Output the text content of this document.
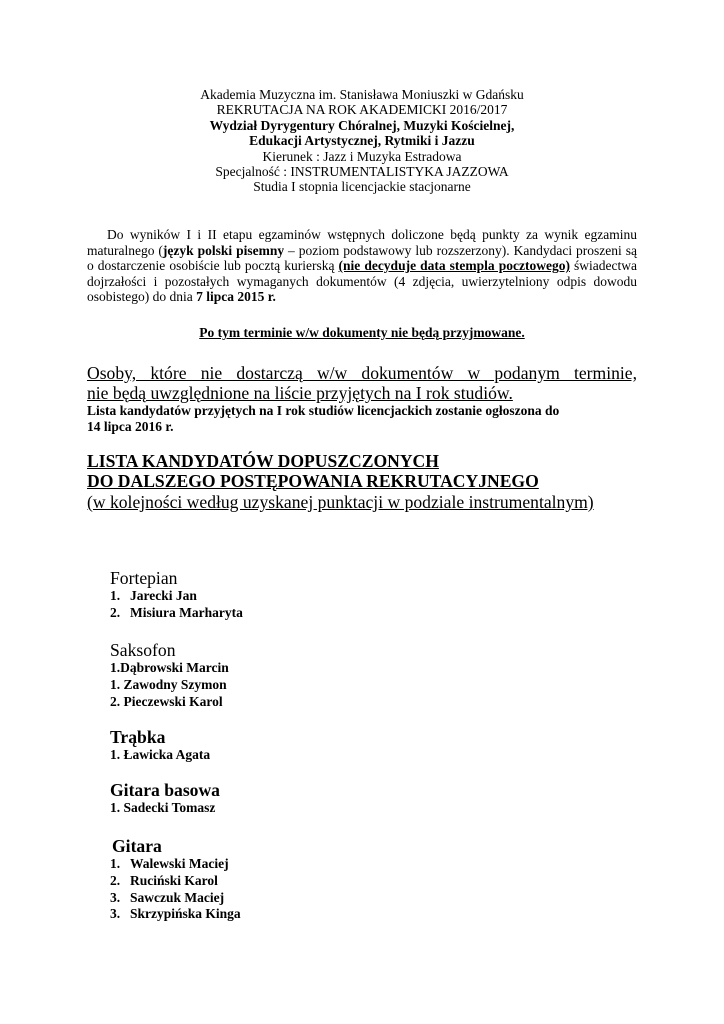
Akademia Muzyczna im. Stanisława Moniuszki w Gdańsku
REKRUTACJA NA ROK AKADEMICKI 2016/2017
Wydział Dyrygentury Chóralnej, Muzyki Kościelnej,
Edukacji Artystycznej, Rytmiki i Jazzu
Kierunek : Jazz i Muzyka Estradowa
Specjalność : INSTRUMENTALISTYKA JAZZOWA
Studia I stopnia licencjackie stacjonarne
Do wyników I i II etapu egzaminów wstępnych doliczone będą punkty za wynik egzaminu maturalnego (język polski pisemny – poziom podstawowy lub rozszerzony). Kandydaci proszeni są o dostarczenie osobiście lub pocztą kurierską (nie decyduje data stempla pocztowego) świadectwa dojrzałości i pozostałych wymaganych dokumentów (4 zdjęcia, uwierzytelniony odpis dowodu osobistego) do dnia 7 lipca 2015 r.
Po tym terminie w/w dokumenty nie będą przyjmowane.
Osoby, które nie dostarczą w/w dokumentów w podanym terminie,
nie będą uwzględnione na liście przyjętych na I rok studiów.
Lista kandydatów przyjętych na I rok studiów licencjackich zostanie ogłoszona do
14 lipca 2016 r.
LISTA KANDYDATÓW DOPUSZCZONYCH
DO DALSZEGO POSTĘPOWANIA REKRUTACYJNEGO
(w kolejności według uzyskanej punktacji w podziale instrumentalnym)
Fortepian
1. Jarecki Jan
2. Misiura Marharyta
Saksofon
1.Dąbrowski Marcin
1. Zawodny Szymon
2. Pieczewski Karol
Trąbka
1. Ławicka Agata
Gitara basowa
1. Sadecki Tomasz
Gitara
1. Walewski Maciej
2. Ruciński Karol
3. Sawczuk Maciej
3. Skrzypińska Kinga
